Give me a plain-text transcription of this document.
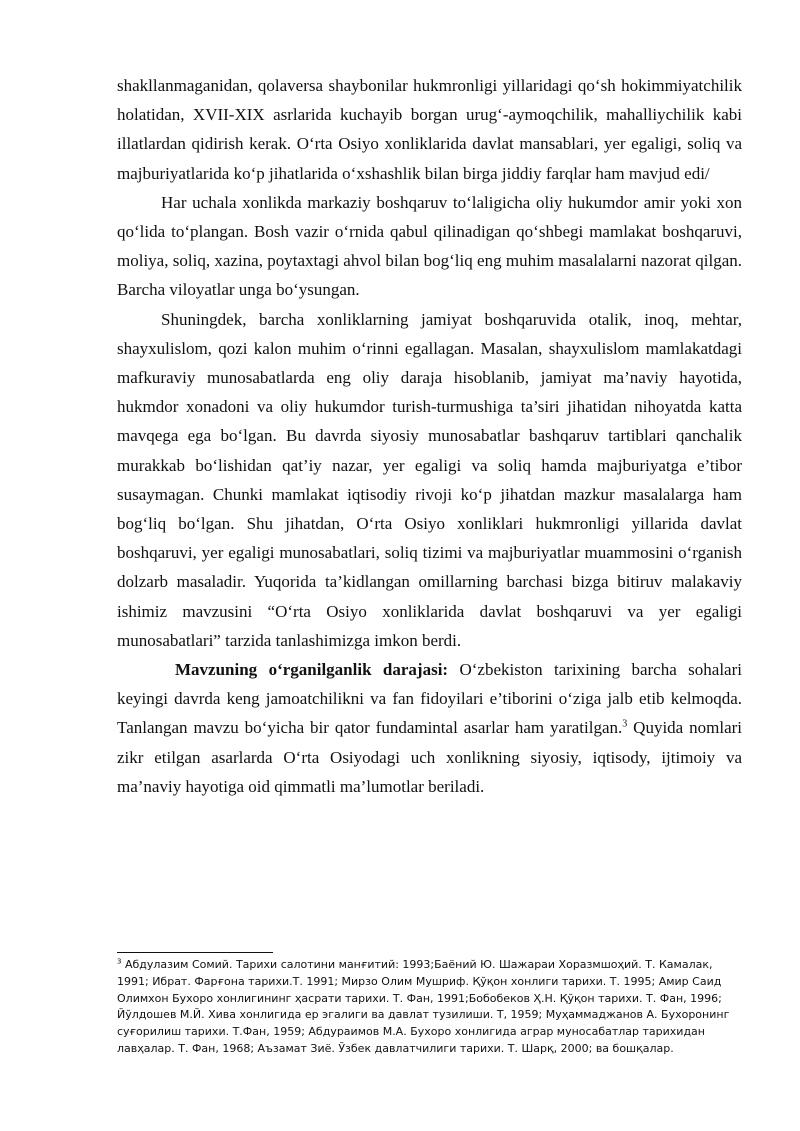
shakllanmaganidan, qolaversa shaybonilar hukmronligi yillaridagi qo‘sh hokimmiyatchilik holatidan, XVII-XIX asrlarida kuchayib borgan urug‘-aymoqchilik, mahalliychilik kabi illatlardan qidirish kerak. O‘rta Osiyo xonliklarida davlat mansablari, yer egaligi, soliq va majburiyatlarida ko‘p jihatlarida o‘xshashlik bilan birga jiddiy farqlar ham mavjud edi/

Har uchala xonlikda markaziy boshqaruv to‘laligicha oliy hukumdor amir yoki xon qo‘lida to‘plangan. Bosh vazir o‘rnida qabul qilinadigan qo‘shbegi mamlakat boshqaruvi, moliya, soliq, xazina, poytaxtagi ahvol bilan bog‘liq eng muhim masalalarni nazorat qilgan. Barcha viloyatlar unga bo‘ysungan.

Shuningdek, barcha xonliklarning jamiyat boshqaruvida otalik, inoq, mehtar, shayxulislom, qozi kalon muhim o‘rinni egallagan. Masalan, shayxulislom mamlakatdagi mafkuraviy munosabatlarda eng oliy daraja hisoblanib, jamiyat ma’naviy hayotida, hukmdor xonadoni va oliy hukumdor turish-turmushiga ta’siri jihatidan nihoyatda katta mavqega ega bo‘lgan. Bu davrda siyosiy munosabatlar bashqaruv tartiblari qanchalik murakkab bo‘lishidan qat’iy nazar, yer egaligi va soliq hamda majburiyatga e’tibor susaymagan. Chunki mamlakat iqtisodiy rivoji ko‘p jihatdan mazkur masalalarga ham bog‘liq bo‘lgan. Shu jihatdan, O‘rta Osiyo xonliklari hukmronligi yillarida davlat boshqaruvi, yer egaligi munosabatlari, soliq tizimi va majburiyatlar muammosini o‘rganish dolzarb masaladir. Yuqorida ta’kidlangan omillarning barchasi bizga bitiruv malakaviy ishimiz mavzusini “O‘rta Osiyo xonliklarida davlat boshqaruvi va yer egaligi munosabatlari” tarzida tanlashimizga imkon berdi.

Mavzuning o‘rganilganlik darajasi: O‘zbekiston tarixining barcha sohalari keyingi davrda keng jamoatchilikni va fan fidoyilari e’tiborini o‘ziga jalb etib kelmoqda. Tanlangan mavzu bo‘yicha bir qator fundamintal asarlar ham yaratilgan.$^3$ Quyida nomlari zikr etilgan asarlarda O‘rta Osiyodagi uch xonlikning siyosiy, iqtisody, ijtimoiy va ma’naviy hayotiga oid qimmatli ma’lumotlar beriladi.

$^3$ Абдулазим Сомий. Тарихи салотини манғитий: 1993;Баёний Ю. Шажараи Хоразмшоҳий. Т. Камалак, 1991; Ибрат. Фарғона тарихи.Т. 1991; Мирзо Олим Мушриф. Қўқон хонлиги тарихи. Т. 1995; Амир Саид Олимхон Бухоро хонлигининг ҳасрати тарихи. Т. Фан, 1991;Бобобеков Ҳ.Н. Қўқон тарихи. Т. Фан, 1996; Йўлдошев М.Й. Хива хонлигида ер эгалиги ва давлат тузилиши. Т, 1959; Муҳаммаджанов А. Бухоронинг суғорилиш тарихи. Т.Фан, 1959; Абдураимов М.А. Бухоро хонлигида аграр муносабатлар тарихидан лавҳалар. Т. Фан, 1968; Аъзамат Зиё. Ўзбек давлатчилиги тарихи. Т. Шарқ, 2000; ва бошқалар.
